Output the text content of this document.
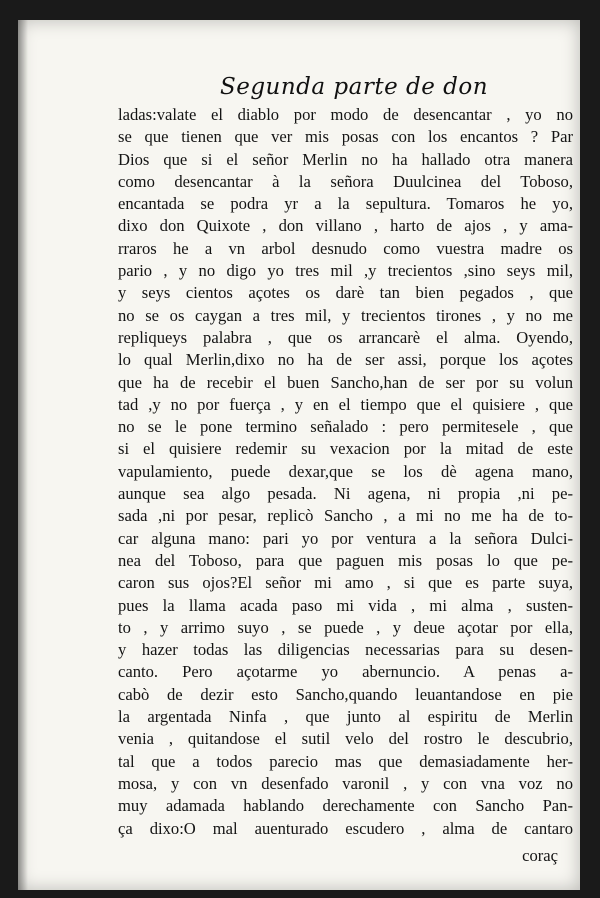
Segunda parte de don
ladas:valate el diablo por modo de desencantar , yo no
se que tienen que ver mis posas con los encantos ? Par
Dios que si el señor Merlin no ha hallado otra manera
como desencantar à la señora Duulcinea del Toboso,
encantada se podra yr a la sepultura. Tomaros he yo,
dixo don Quixote , don villano , harto de ajos , y ama-
rraros he a vn arbol desnudo como vuestra madre os
pario , y no digo yo tres mil ,y trecientos ,sino seys mil,
y seys cientos açotes os darè tan bien pegados , que
no se os caygan a tres mil, y trecientos tirones , y no me
repliqueys palabra , que os arrancarè el alma. Oyendo,
lo qual Merlin,dixo no ha de ser assi, porque los açotes
que ha de recebir el buen Sancho,han de ser por su volun
tad ,y no por fuerça , y en el tiempo que el quisiere , que
no se le pone termino señalado : pero permitesele , que
si el quisiere redemir su vexacion por la mitad de este
vapulamiento, puede dexar,que se los dè agena mano,
aunque sea algo pesada. Ni agena, ni propia ,ni pe-
sada ,ni por pesar, replicò Sancho , a mi no me ha de to-
car alguna mano: pari yo por ventura a la señora Dulci-
nea del Toboso, para que paguen mis posas lo que pe-
caron sus ojos?El señor mi amo , si que es parte suya,
pues la llama acada paso mi vida , mi alma , susten-
to , y arrimo suyo , se puede , y deue açotar por ella,
y hazer todas las diligencias necessarias para su desen-
canto. Pero açotarme yo abernuncio. A penas a-
cabò de dezir esto Sancho,quando leuantandose en pie
la argentada Ninfa , que junto al espiritu de Merlin
venia , quitandose el sutil velo del rostro le descubrio,
tal que a todos parecio mas que demasiadamente her-
mosa, y con vn desenfado varonil , y con vna voz no
muy adamada hablando derechamente con Sancho Pan-
ça dixo:O mal auenturado escudero , alma de cantaro
coraç
